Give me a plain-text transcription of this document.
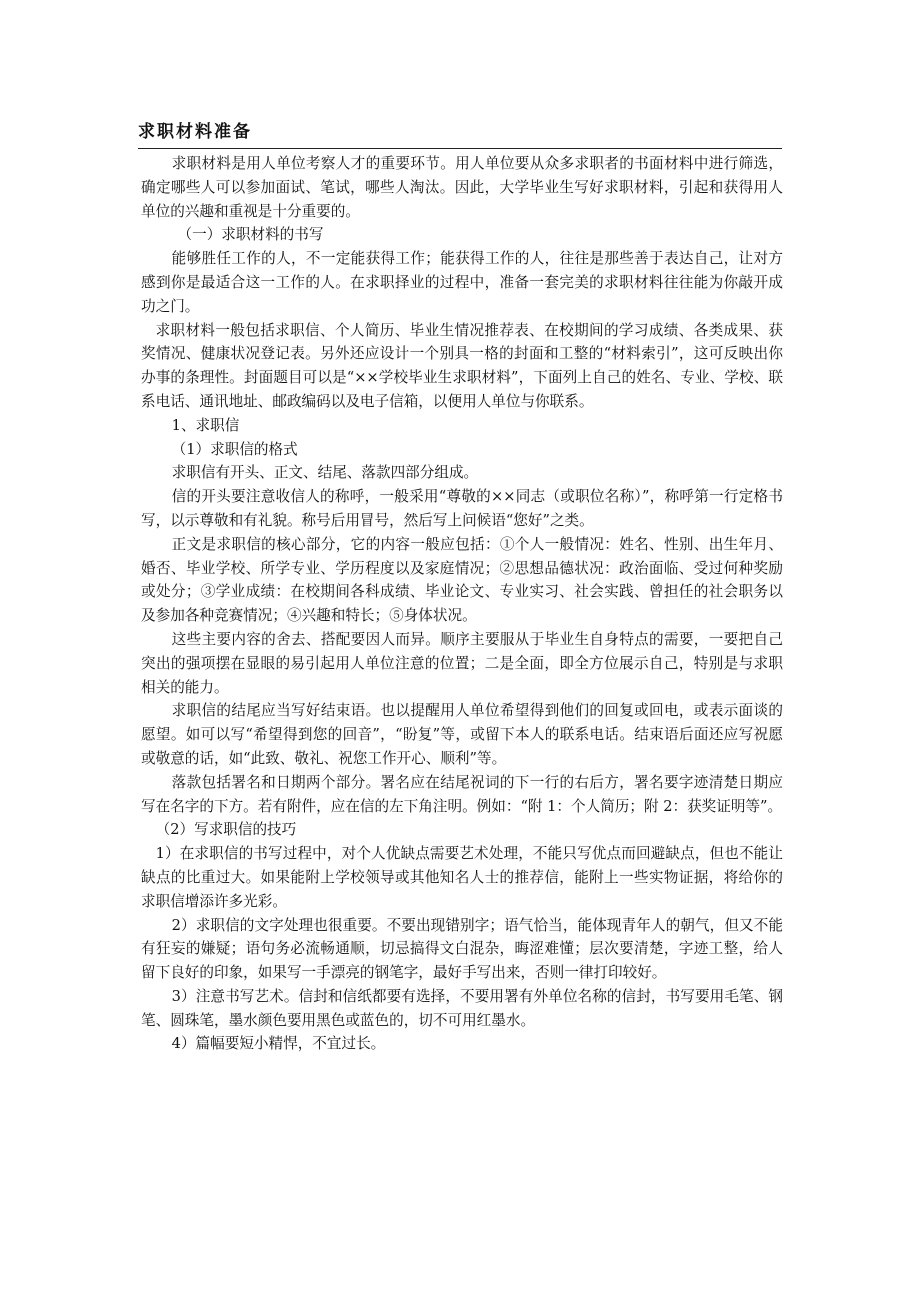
求职材料准备

求职材料是用人单位考察人才的重要环节。用人单位要从众多求职者的书面材料中进行筛选，确定哪些人可以参加面试、笔试，哪些人淘汰。因此，大学毕业生写好求职材料，引起和获得用人单位的兴趣和重视是十分重要的。

（一）求职材料的书写

能够胜任工作的人，不一定能获得工作；能获得工作的人，往往是那些善于表达自己，让对方感到你是最适合这一工作的人。在求职择业的过程中，准备一套完美的求职材料往往能为你敲开成功之门。

求职材料一般包括求职信、个人简历、毕业生情况推荐表、在校期间的学习成绩、各类成果、获奖情况、健康状况登记表。另外还应设计一个别具一格的封面和工整的“材料索引”，这可反映出你办事的条理性。封面题目可以是“××学校毕业生求职材料”，下面列上自己的姓名、专业、学校、联系电话、通讯地址、邮政编码以及电子信箱，以便用人单位与你联系。

1、求职信

（1）求职信的格式

求职信有开头、正文、结尾、落款四部分组成。

信的开头要注意收信人的称呼，一般采用“尊敬的××同志（或职位名称）”，称呼第一行定格书写，以示尊敬和有礼貌。称号后用冒号，然后写上问候语“您好”之类。

正文是求职信的核心部分，它的内容一般应包括：①个人一般情况：姓名、性别、出生年月、婚否、毕业学校、所学专业、学历程度以及家庭情况；②思想品德状况：政治面临、受过何种奖励或处分；③学业成绩：在校期间各科成绩、毕业论文、专业实习、社会实践、曾担任的社会职务以及参加各种竞赛情况；④兴趣和特长；⑤身体状况。

这些主要内容的舍去、搭配要因人而异。顺序主要服从于毕业生自身特点的需要，一要把自己突出的强项摆在显眼的易引起用人单位注意的位置；二是全面，即全方位展示自己，特别是与求职相关的能力。

求职信的结尾应当写好结束语。也以提醒用人单位希望得到他们的回复或回电，或表示面谈的愿望。如可以写“希望得到您的回音”，“盼复”等，或留下本人的联系电话。结束语后面还应写祝愿或敬意的话，如“此致、敬礼、祝您工作开心、顺利”等。

落款包括署名和日期两个部分。署名应在结尾祝词的下一行的右后方，署名要字迹清楚日期应写在名字的下方。若有附件，应在信的左下角注明。例如：“附 1：个人简历；附 2：获奖证明等”。

（2）写求职信的技巧

1）在求职信的书写过程中，对个人优缺点需要艺术处理，不能只写优点而回避缺点，但也不能让缺点的比重过大。如果能附上学校领导或其他知名人士的推荐信，能附上一些实物证据，将给你的求职信增添许多光彩。

2）求职信的文字处理也很重要。不要出现错别字；语气恰当，能体现青年人的朝气，但又不能有狂妄的嫌疑；语句务必流畅通顺，切忌搞得文白混杂，晦涩难懂；层次要清楚，字迹工整，给人留下良好的印象，如果写一手漂亮的钢笔字，最好手写出来，否则一律打印较好。

3）注意书写艺术。信封和信纸都要有选择，不要用署有外单位名称的信封，书写要用毛笔、钢笔、圆珠笔，墨水颜色要用黑色或蓝色的，切不可用红墨水。

4）篇幅要短小精悍，不宜过长。
